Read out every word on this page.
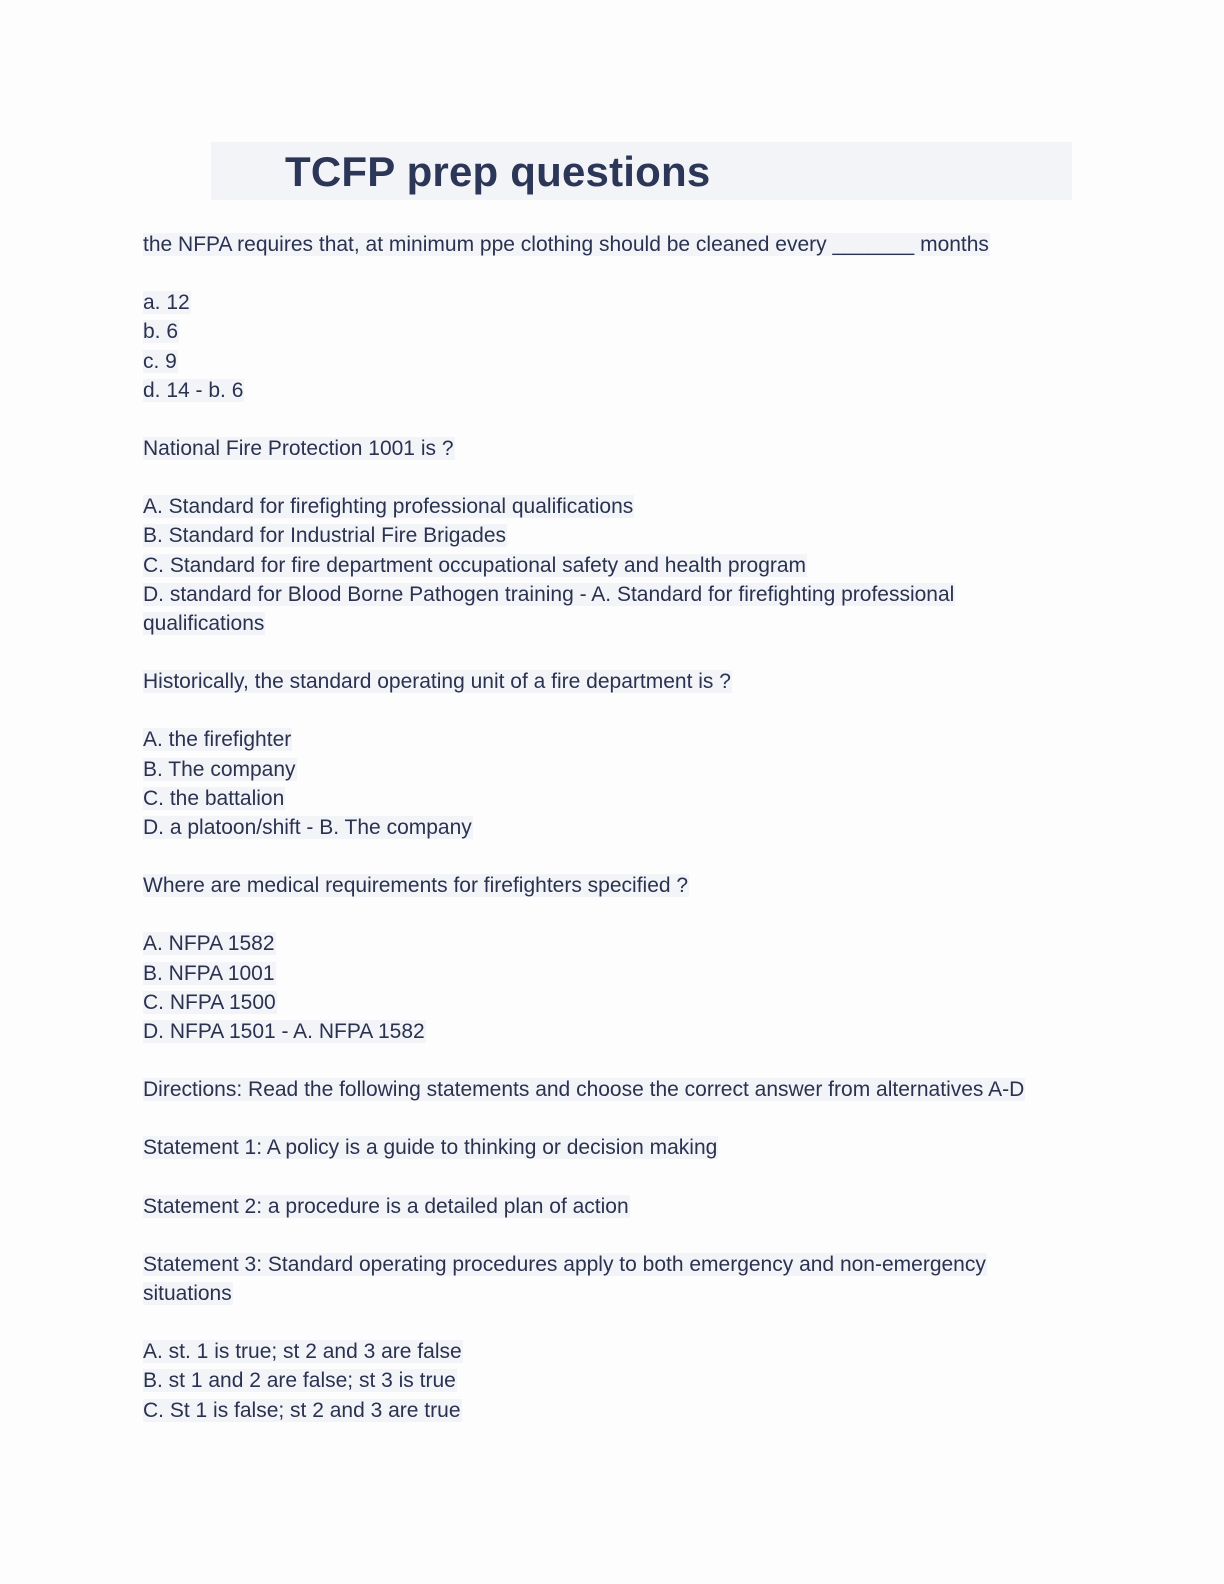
TCFP prep questions
the NFPA requires that, at minimum ppe clothing should be cleaned every _______ months
a. 12
b. 6
c. 9
d. 14 - b. 6
National Fire Protection 1001 is ?
A. Standard for firefighting professional qualifications
B. Standard for Industrial Fire Brigades
C. Standard for fire department occupational safety and health program
D. standard for Blood Borne Pathogen training - A. Standard for firefighting professional
qualifications
Historically, the standard operating unit of a fire department is ?
A. the firefighter
B. The company
C. the battalion
D. a platoon/shift - B. The company
Where are medical requirements for firefighters specified ?
A. NFPA 1582
B. NFPA 1001
C. NFPA 1500
D. NFPA 1501 - A. NFPA 1582
Directions: Read the following statements and choose the correct answer from alternatives A-D
Statement 1: A policy is a guide to thinking or decision making
Statement 2: a procedure is a detailed plan of action
Statement 3: Standard operating procedures apply to both emergency and non-emergency
situations
A. st. 1 is true; st 2 and 3 are false
B. st 1 and 2 are false; st 3 is true
C. St 1 is false; st 2 and 3 are true
